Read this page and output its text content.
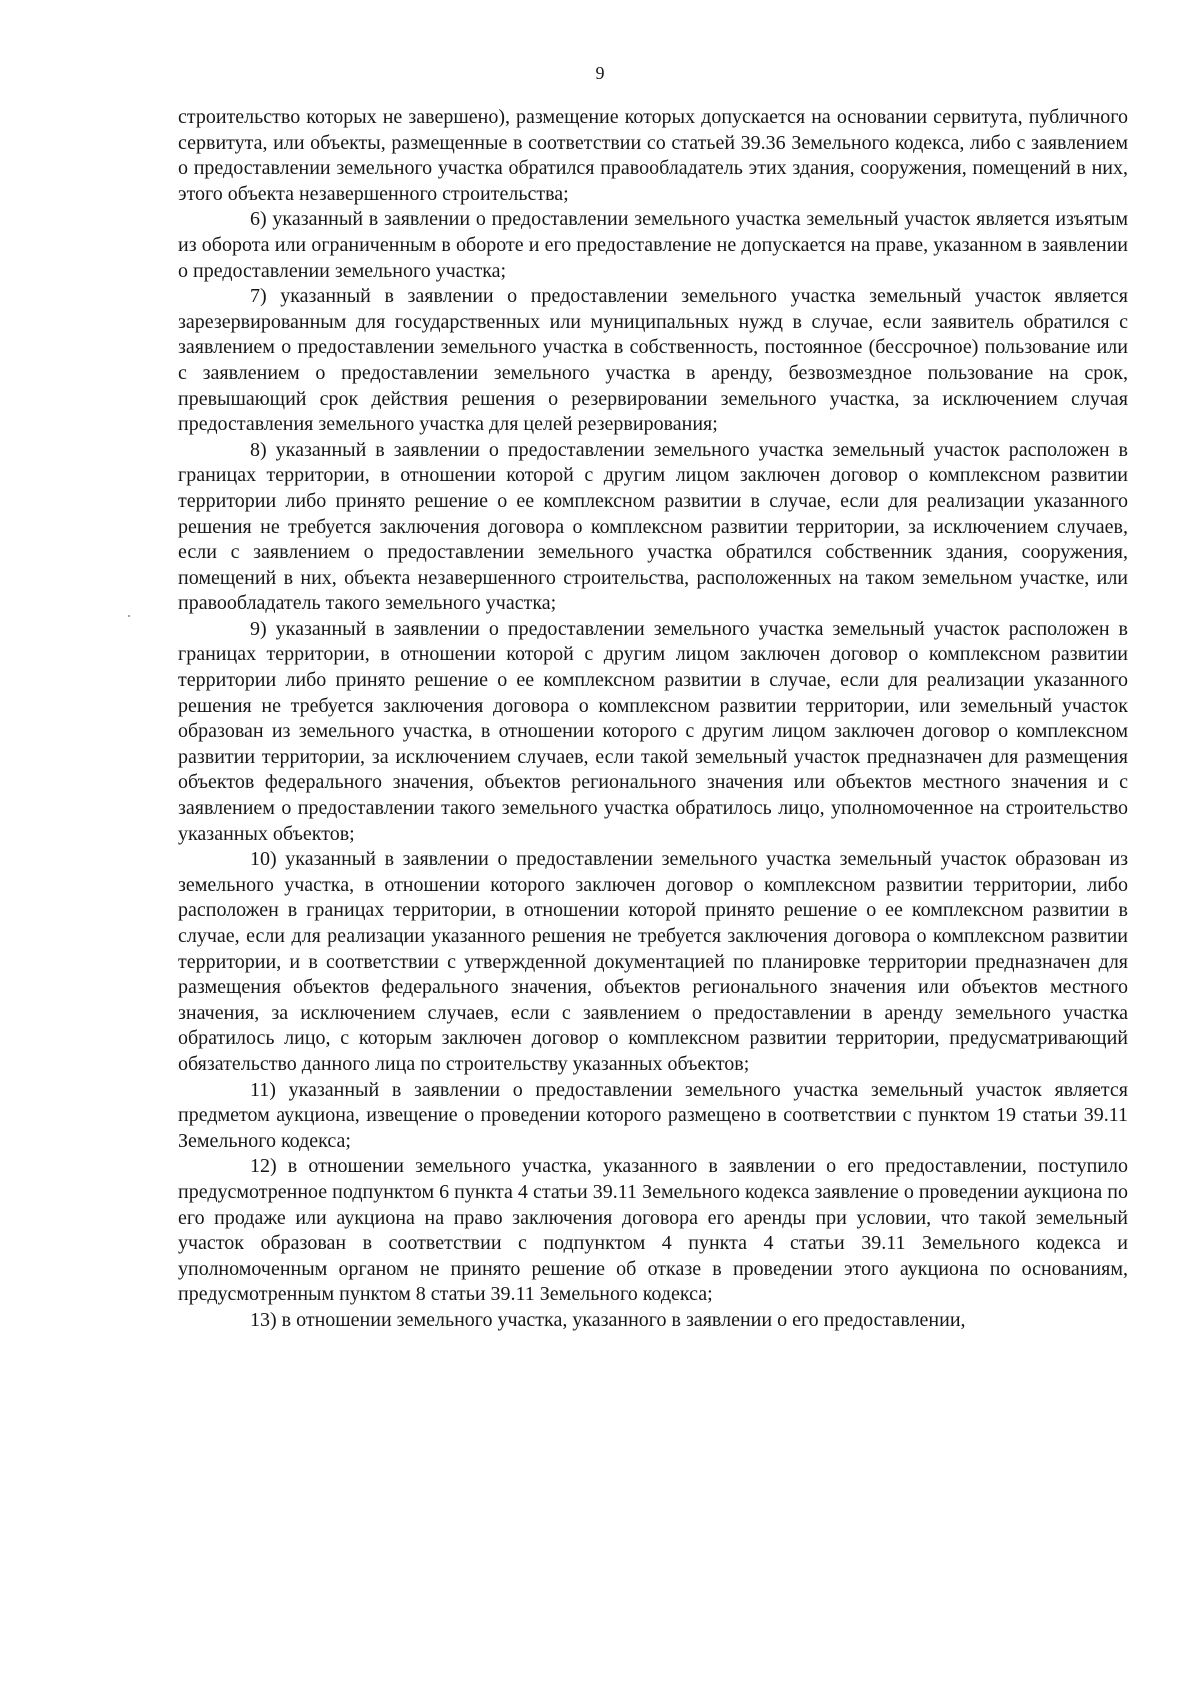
9

строительство которых не завершено), размещение которых допускается на основании сервитута, публичного сервитута, или объекты, размещенные в соответствии со статьей 39.36 Земельного кодекса, либо с заявлением о предоставлении земельного участка обратился правообладатель этих здания, сооружения, помещений в них, этого объекта незавершенного строительства;

6) указанный в заявлении о предоставлении земельного участка земельный участок является изъятым из оборота или ограниченным в обороте и его предоставление не допускается на праве, указанном в заявлении о предоставлении земельного участка;

7) указанный в заявлении о предоставлении земельного участка земельный участок является зарезервированным для государственных или муниципальных нужд в случае, если заявитель обратился с заявлением о предоставлении земельного участка в собственность, постоянное (бессрочное) пользование или с заявлением о предоставлении земельного участка в аренду, безвозмездное пользование на срок, превышающий срок действия решения о резервировании земельного участка, за исключением случая предоставления земельного участка для целей резервирования;

8) указанный в заявлении о предоставлении земельного участка земельный участок расположен в границах территории, в отношении которой с другим лицом заключен договор о комплексном развитии территории либо принято решение о ее комплексном развитии в случае, если для реализации указанного решения не требуется заключения договора о комплексном развитии территории, за исключением случаев, если с заявлением о предоставлении земельного участка обратился собственник здания, сооружения, помещений в них, объекта незавершенного строительства, расположенных на таком земельном участке, или правообладатель такого земельного участка;

9) указанный в заявлении о предоставлении земельного участка земельный участок расположен в границах территории, в отношении которой с другим лицом заключен договор о комплексном развитии территории либо принято решение о ее комплексном развитии в случае, если для реализации указанного решения не требуется заключения договора о комплексном развитии территории, или земельный участок образован из земельного участка, в отношении которого с другим лицом заключен договор о комплексном развитии территории, за исключением случаев, если такой земельный участок предназначен для размещения объектов федерального значения, объектов регионального значения или объектов местного значения и с заявлением о предоставлении такого земельного участка обратилось лицо, уполномоченное на строительство указанных объектов;

10) указанный в заявлении о предоставлении земельного участка земельный участок образован из земельного участка, в отношении которого заключен договор о комплексном развитии территории, либо расположен в границах территории, в отношении которой принято решение о ее комплексном развитии в случае, если для реализации указанного решения не требуется заключения договора о комплексном развитии территории, и в соответствии с утвержденной документацией по планировке территории предназначен для размещения объектов федерального значения, объектов регионального значения или объектов местного значения, за исключением случаев, если с заявлением о предоставлении в аренду земельного участка обратилось лицо, с которым заключен договор о комплексном развитии территории, предусматривающий обязательство данного лица по строительству указанных объектов;

11) указанный в заявлении о предоставлении земельного участка земельный участок является предметом аукциона, извещение о проведении которого размещено в соответствии с пунктом 19 статьи 39.11 Земельного кодекса;

12) в отношении земельного участка, указанного в заявлении о его предоставлении, поступило предусмотренное подпунктом 6 пункта 4 статьи 39.11 Земельного кодекса заявление о проведении аукциона по его продаже или аукциона на право заключения договора его аренды при условии, что такой земельный участок образован в соответствии с подпунктом 4 пункта 4 статьи 39.11 Земельного кодекса и уполномоченным органом не принято решение об отказе в проведении этого аукциона по основаниям, предусмотренным пунктом 8 статьи 39.11 Земельного кодекса;

13) в отношении земельного участка, указанного в заявлении о его предоставлении,
